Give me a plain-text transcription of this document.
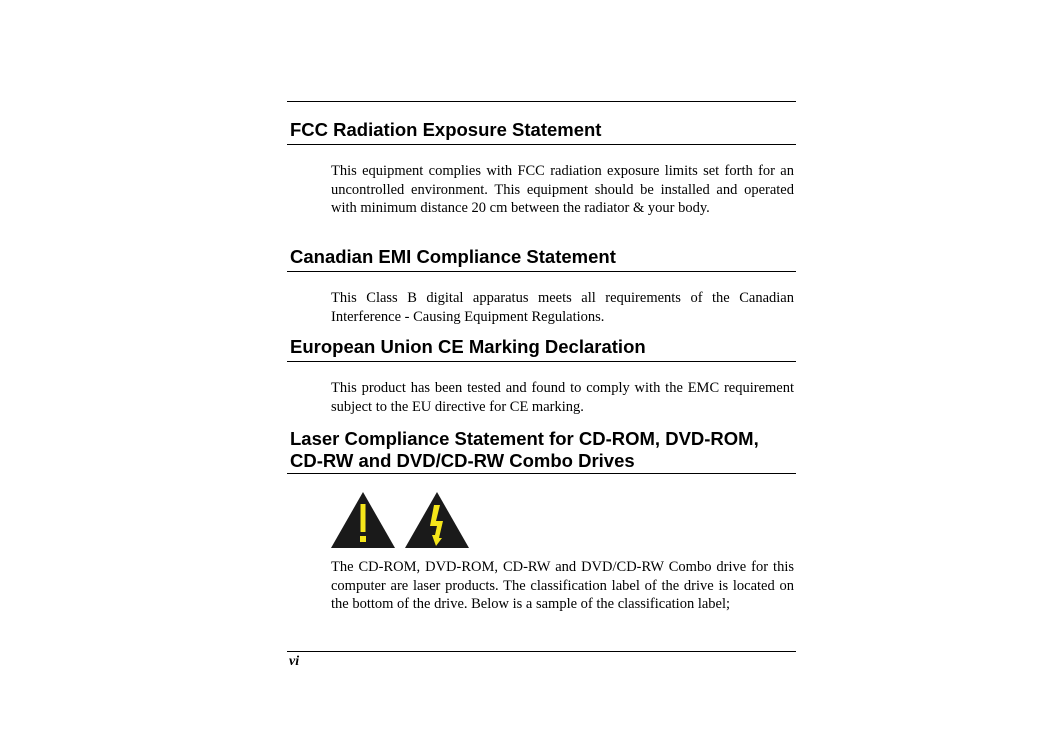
FCC Radiation Exposure Statement

This equipment complies with FCC radiation exposure limits set forth for an uncontrolled environment. This equipment should be installed and operated with minimum distance 20 cm between the radiator & your body.

Canadian EMI Compliance Statement

This Class B digital apparatus meets all requirements of the Canadian Interference - Causing Equipment Regulations.

European Union CE Marking Declaration

This product has been tested and found to comply with the EMC requirement subject to the EU directive for CE marking.

Laser Compliance Statement for CD-ROM, DVD-ROM,
CD-RW and DVD/CD-RW Combo Drives

The CD-ROM, DVD-ROM, CD-RW and DVD/CD-RW Combo drive for this computer are laser products. The classification label of the drive is located on the bottom of the drive. Below is a sample of the classification label;

vi
